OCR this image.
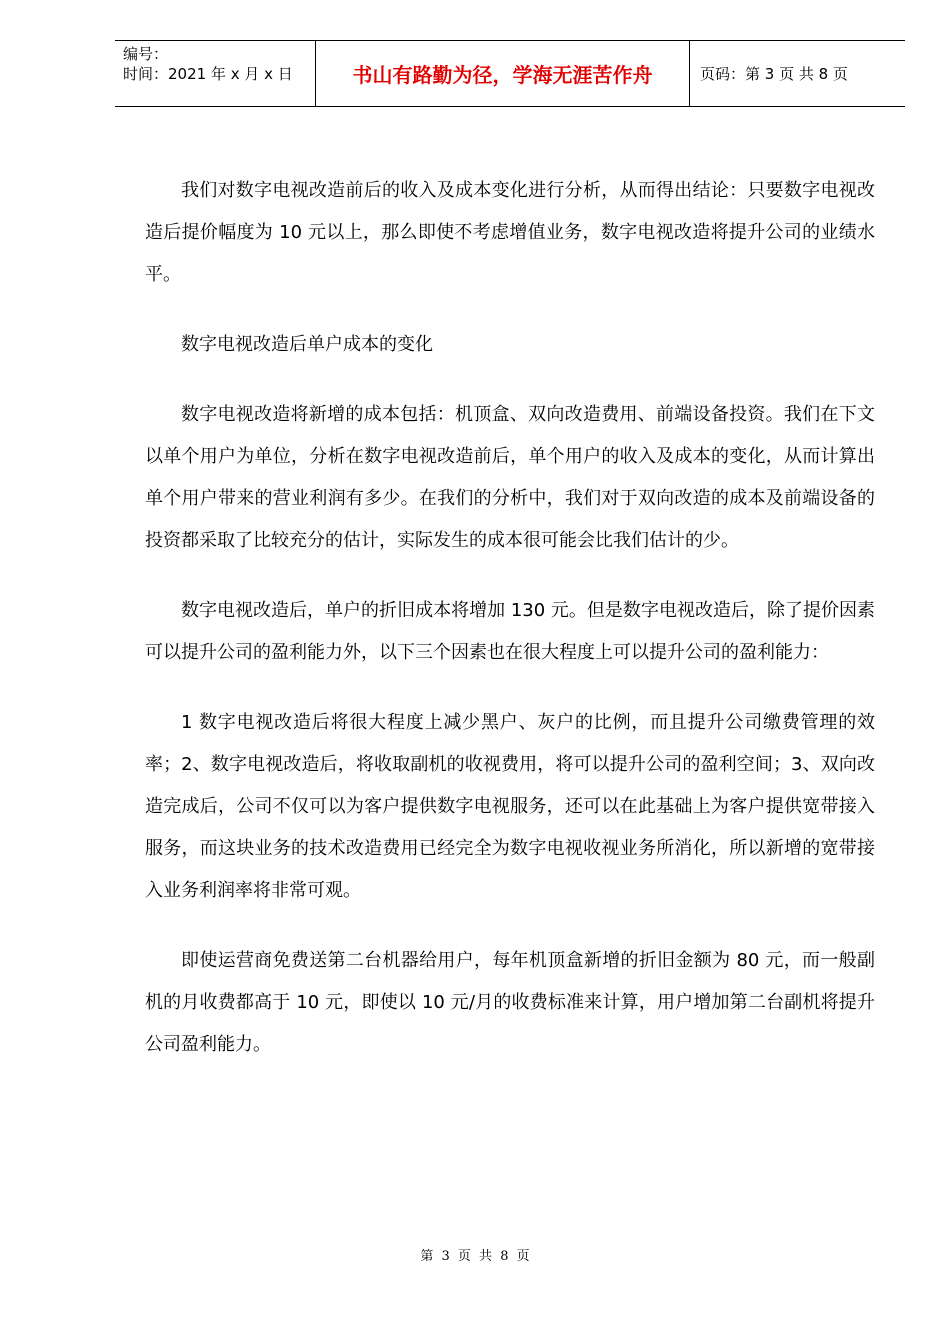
编号：
时间：2021 年 x 月 x 日	书山有路勤为径，学海无涯苦作舟	页码：第 3 页 共 8 页

我们对数字电视改造前后的收入及成本变化进行分析，从而得出结论：只要数字电视改造后提价幅度为 10 元以上，那么即使不考虑增值业务，数字电视改造将提升公司的业绩水平。

数字电视改造后单户成本的变化

数字电视改造将新增的成本包括：机顶盒、双向改造费用、前端设备投资。我们在下文以单个用户为单位，分析在数字电视改造前后，单个用户的收入及成本的变化，从而计算出单个用户带来的营业利润有多少。在我们的分析中，我们对于双向改造的成本及前端设备的投资都采取了比较充分的估计，实际发生的成本很可能会比我们估计的少。

数字电视改造后，单户的折旧成本将增加 130 元。但是数字电视改造后，除了提价因素可以提升公司的盈利能力外，以下三个因素也在很大程度上可以提升公司的盈利能力：

1 数字电视改造后将很大程度上减少黑户、灰户的比例，而且提升公司缴费管理的效率；2、数字电视改造后，将收取副机的收视费用，将可以提升公司的盈利空间；3、双向改造完成后，公司不仅可以为客户提供数字电视服务，还可以在此基础上为客户提供宽带接入服务，而这块业务的技术改造费用已经完全为数字电视收视业务所消化，所以新增的宽带接入业务利润率将非常可观。

即使运营商免费送第二台机器给用户，每年机顶盒新增的折旧金额为 80 元，而一般副机的月收费都高于 10 元，即使以 10 元/月的收费标准来计算，用户增加第二台副机将提升公司盈利能力。

第 3 页 共 8 页
